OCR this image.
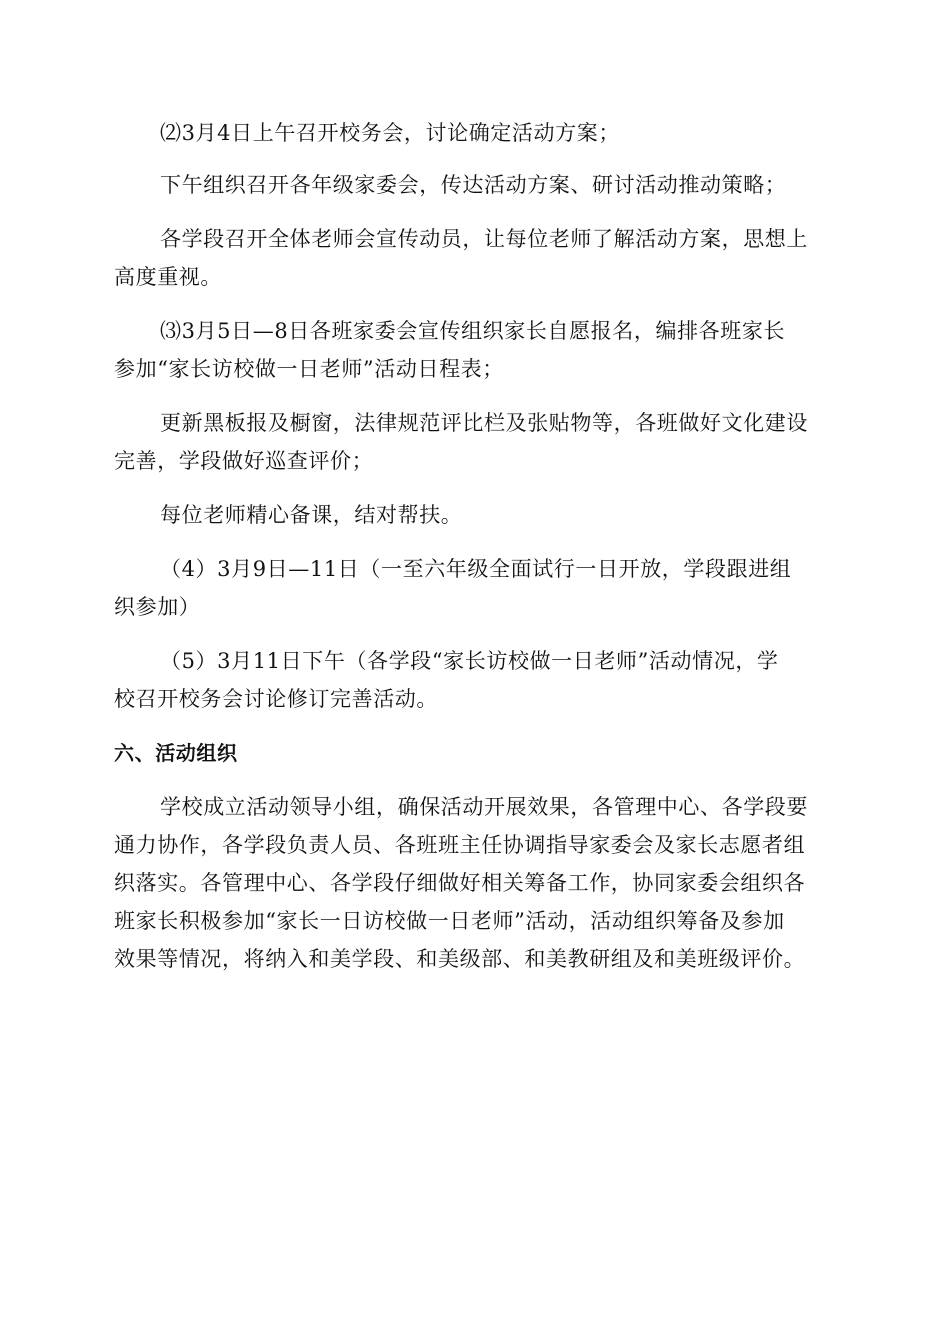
⑵3月4日上午召开校务会，讨论确定活动方案；
下午组织召开各年级家委会，传达活动方案、研讨活动推动策略；
各学段召开全体老师会宣传动员，让每位老师了解活动方案，思想上
高度重视。
⑶3月5日—8日各班家委会宣传组织家长自愿报名，编排各班家长
参加“家长访校做一日老师”活动日程表；
更新黑板报及橱窗，法律规范评比栏及张贴物等，各班做好文化建设
完善，学段做好巡查评价；
每位老师精心备课，结对帮扶。
（4）3月9日—11日（一至六年级全面试行一日开放，学段跟进组
织参加）
（5）3月11日下午（各学段“家长访校做一日老师”活动情况，学
校召开校务会讨论修订完善活动。
六、活动组织
学校成立活动领导小组，确保活动开展效果，各管理中心、各学段要
通力协作，各学段负责人员、各班班主任协调指导家委会及家长志愿者组
织落实。各管理中心、各学段仔细做好相关筹备工作，协同家委会组织各
班家长积极参加“家长一日访校做一日老师”活动，活动组织筹备及参加
效果等情况，将纳入和美学段、和美级部、和美教研组及和美班级评价。
